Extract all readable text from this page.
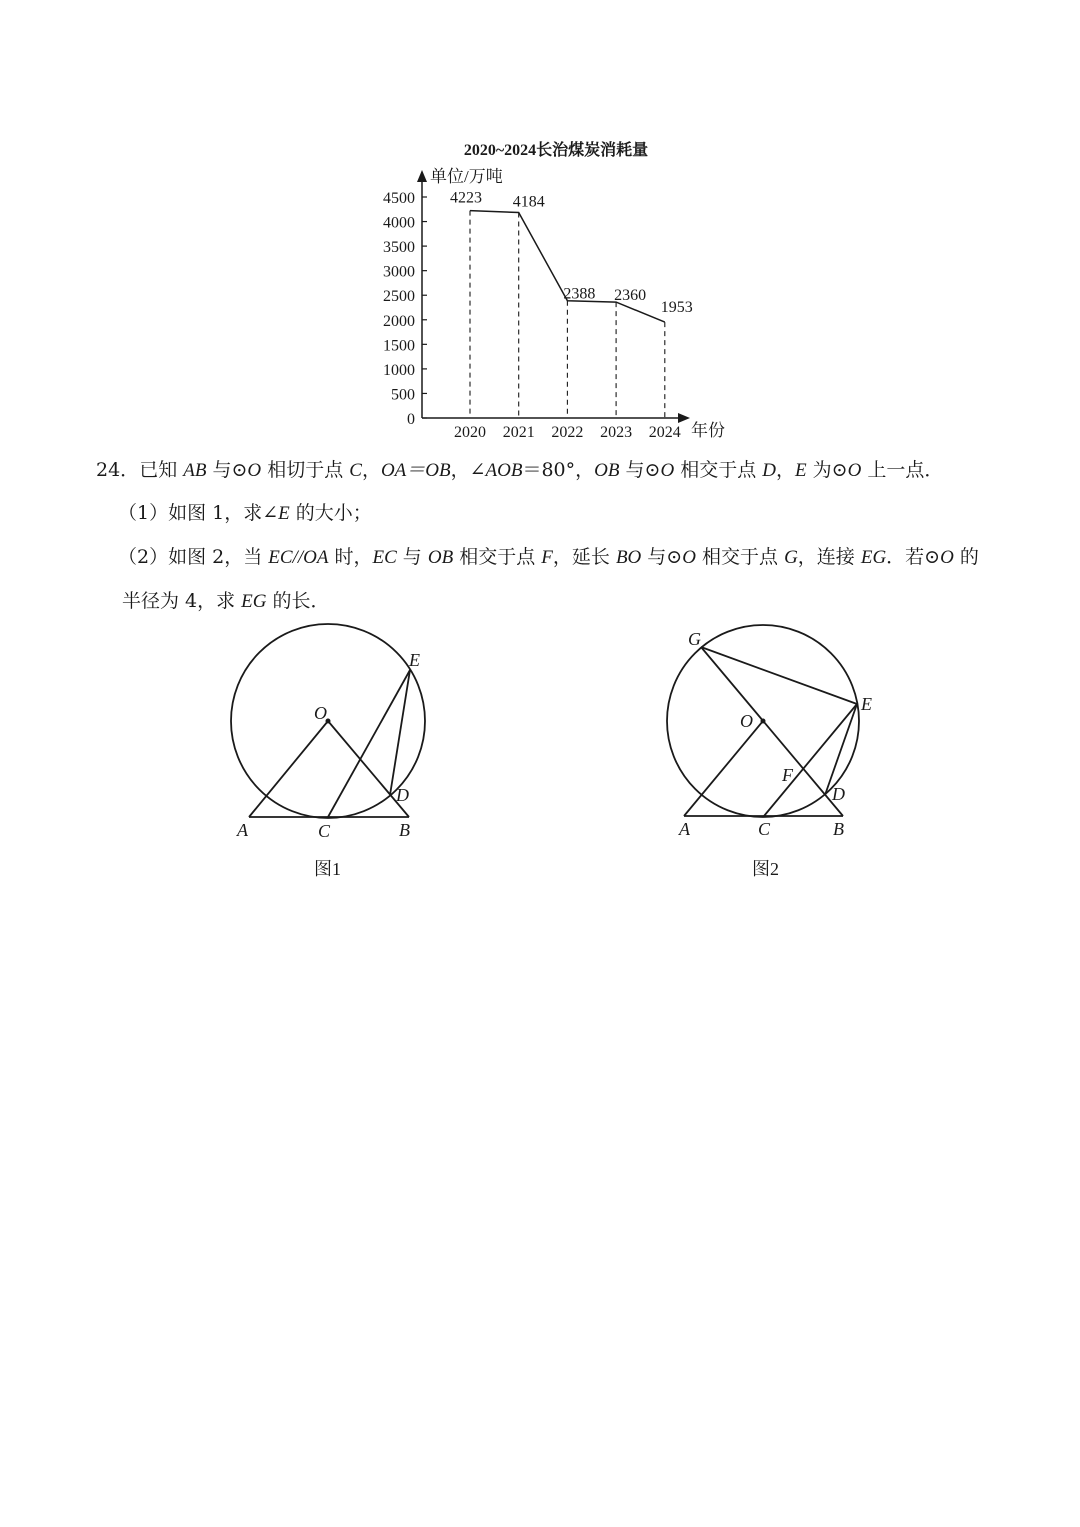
2020~2024长治煤炭消耗量
单位/万吨
年份
0
500
1000
1500
2000
2500
3000
3500
4000
4500 4223 4184
2388 2360
1953
2020 2021 2022 2023 2024
24．已知 AB 与⊙O 相切于点 C，OA＝OB，∠AOB＝80°，OB 与⊙O 相交于点 D，E 为⊙O 上一点．
（1）如图 1，求∠E 的大小；
（2）如图 2，当 EC//OA 时，EC 与 OB 相交于点 F，延长 BO 与⊙O 相交于点 G，连接 EG．若⊙O 的
半径为 4，求 EG 的长．
O
E
D
A	C	B
图1
G
O
E
F
D
A	C	B
图2
